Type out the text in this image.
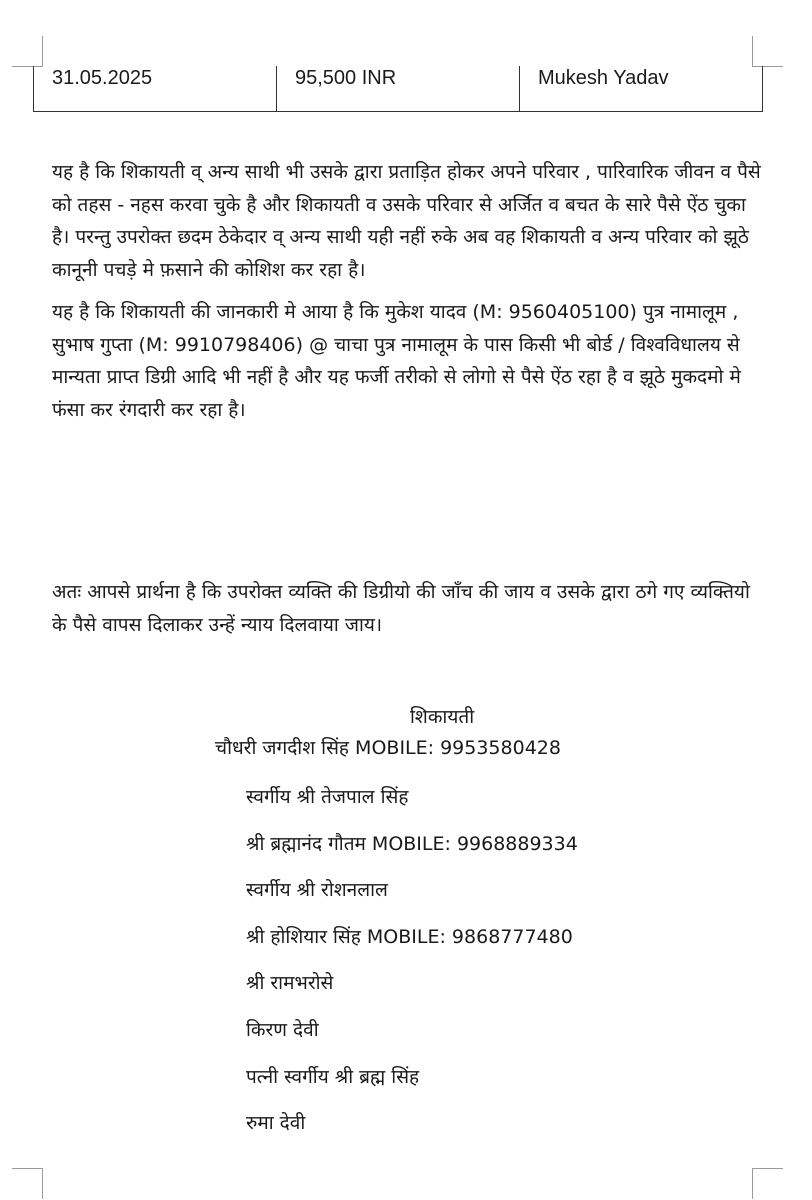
31.05.2025	95,500 INR	Mukesh Yadav

यह है कि शिकायती व् अन्य साथी भी उसके द्वारा प्रताड़ित होकर अपने परिवार , पारिवारिक जीवन व पैसे को तहस - नहस करवा चुके है और शिकायती व उसके परिवार से अर्जित व बचत के सारे पैसे ऐंठ चुका है। परन्तु उपरोक्त छदम ठेकेदार व् अन्य साथी यही नहीं रुके अब वह शिकायती व अन्य परिवार को झूठे कानूनी पचड़े मे फ़साने की कोशिश कर रहा है।

यह है कि शिकायती की जानकारी मे आया है कि मुकेश यादव (M: 9560405100) पुत्र नामालूम , सुभाष गुप्ता (M: 9910798406) @ चाचा पुत्र नामालूम के पास किसी भी बोर्ड / विश्वविधालय से मान्यता प्राप्त डिग्री आदि भी नहीं है और यह फर्जी तरीको से लोगो से पैसे ऐंठ रहा है व झूठे मुकदमो मे फंसा कर रंगदारी कर रहा है।

अतः आपसे प्रार्थना है कि उपरोक्त व्यक्ति की डिग्रीयो की जाँच की जाय व उसके द्वारा ठगे गए व्यक्तियो के पैसे वापस दिलाकर उन्हें न्याय दिलवाया जाय।

शिकायती
चौधरी जगदीश सिंह MOBILE: 9953580428
स्वर्गीय श्री तेजपाल सिंह
श्री ब्रह्मानंद गौतम MOBILE: 9968889334
स्वर्गीय श्री रोशनलाल
श्री होशियार सिंह MOBILE: 9868777480
श्री रामभरोसे
किरण देवी
पत्नी स्वर्गीय श्री ब्रह्म सिंह
रुमा देवी
